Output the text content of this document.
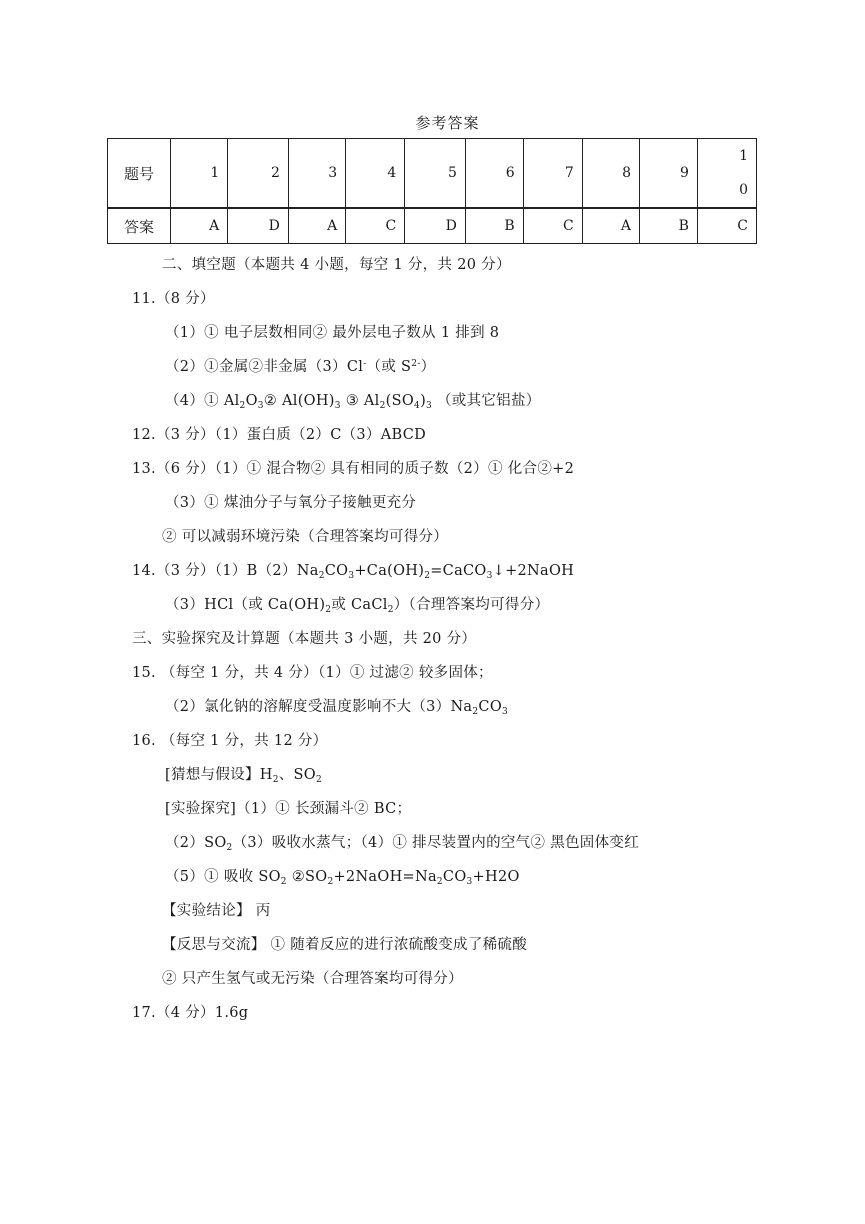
参考答案
题号	1	2	3	4	5	6	7	8	9	1
0
答案	A	D	A	C	D	B	C	A	B	C
二、填空题（本题共 4 小题，每空 1 分，共 20 分）
11.（8 分）
（1）① 电子层数相同② 最外层电子数从 1 排到 8
（2）①金属②非金属（3）Cl-（或 $S^{2-}$）
（4）① $Al_2O_3②$ $Al(OH)_3$ ③ $Al_2(SO_4)_3$ （或其它铝盐）
12.（3 分）（1）蛋白质（2）C（3）ABCD
13.（6 分）（1）① 混合物② 具有相同的质子数（2）① 化合②+2
（3）① 煤油分子与氧分子接触更充分
② 可以减弱环境污染（合理答案均可得分）
14.（3 分）$(1)B(2)Na_2CO_3+Ca(OH)_2=CaCO_3↓+2NaOH$
（3）HCl（或 $Ca(OH)_2$或 CaCl$_2$）（合理答案均可得分）
三、实验探究及计算题（本题共 3 小题，共 20 分）
15. （每空 1 分，共 4 分）（1）① 过滤② 较多固体；
（2）氯化钠的溶解度受温度影响不大$(3)Na_2CO_3$
16. （每空 1 分，共 12 分）
[猜想与假设】$H_2$、$SO_2$
[实验探究]（1）① 长颈漏斗② BC；
$(2)SO_2(3)$吸收水蒸气；（4）① 排尽装置内的空气② 黑色固体变红
（5）① 吸收 $SO_2$ $②SO_2+2NaOH=Na_2CO_3+H2O$
【实验结论】 丙
【反思与交流】 ① 随着反应的进行浓硫酸变成了稀硫酸
② 只产生氢气或无污染（合理答案均可得分）
17.（4 分）1.6g
